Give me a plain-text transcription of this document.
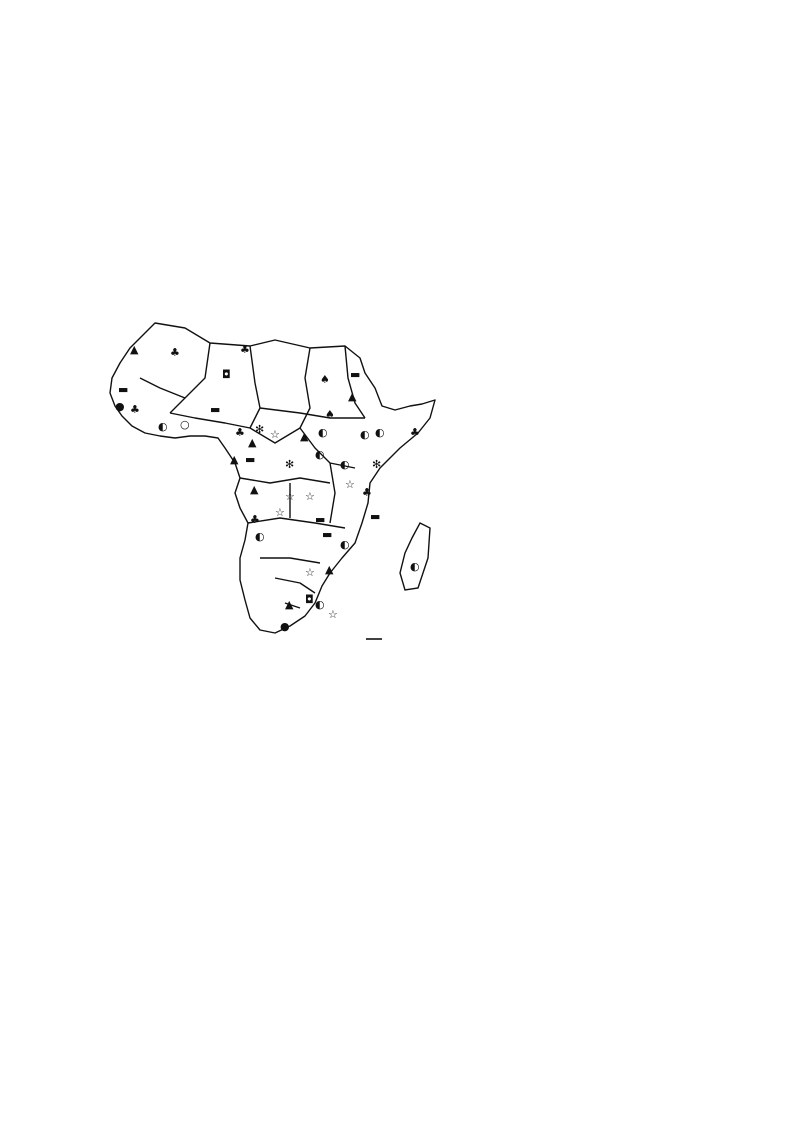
▲	♣	♣
◘	▬
♠
▲
♠
▬
● ♣	▬
○
◐	♣ ✻
▲
☆	◐
▲	◐ ◐ ♣
▲ ▬	✻
◐
◐ ✻
▲
☆ ☆
☆
♣
☆
▬
▬
♣
◐
▬
◐
☆ ▲
◘ ◐
▲
☆
●
◐
